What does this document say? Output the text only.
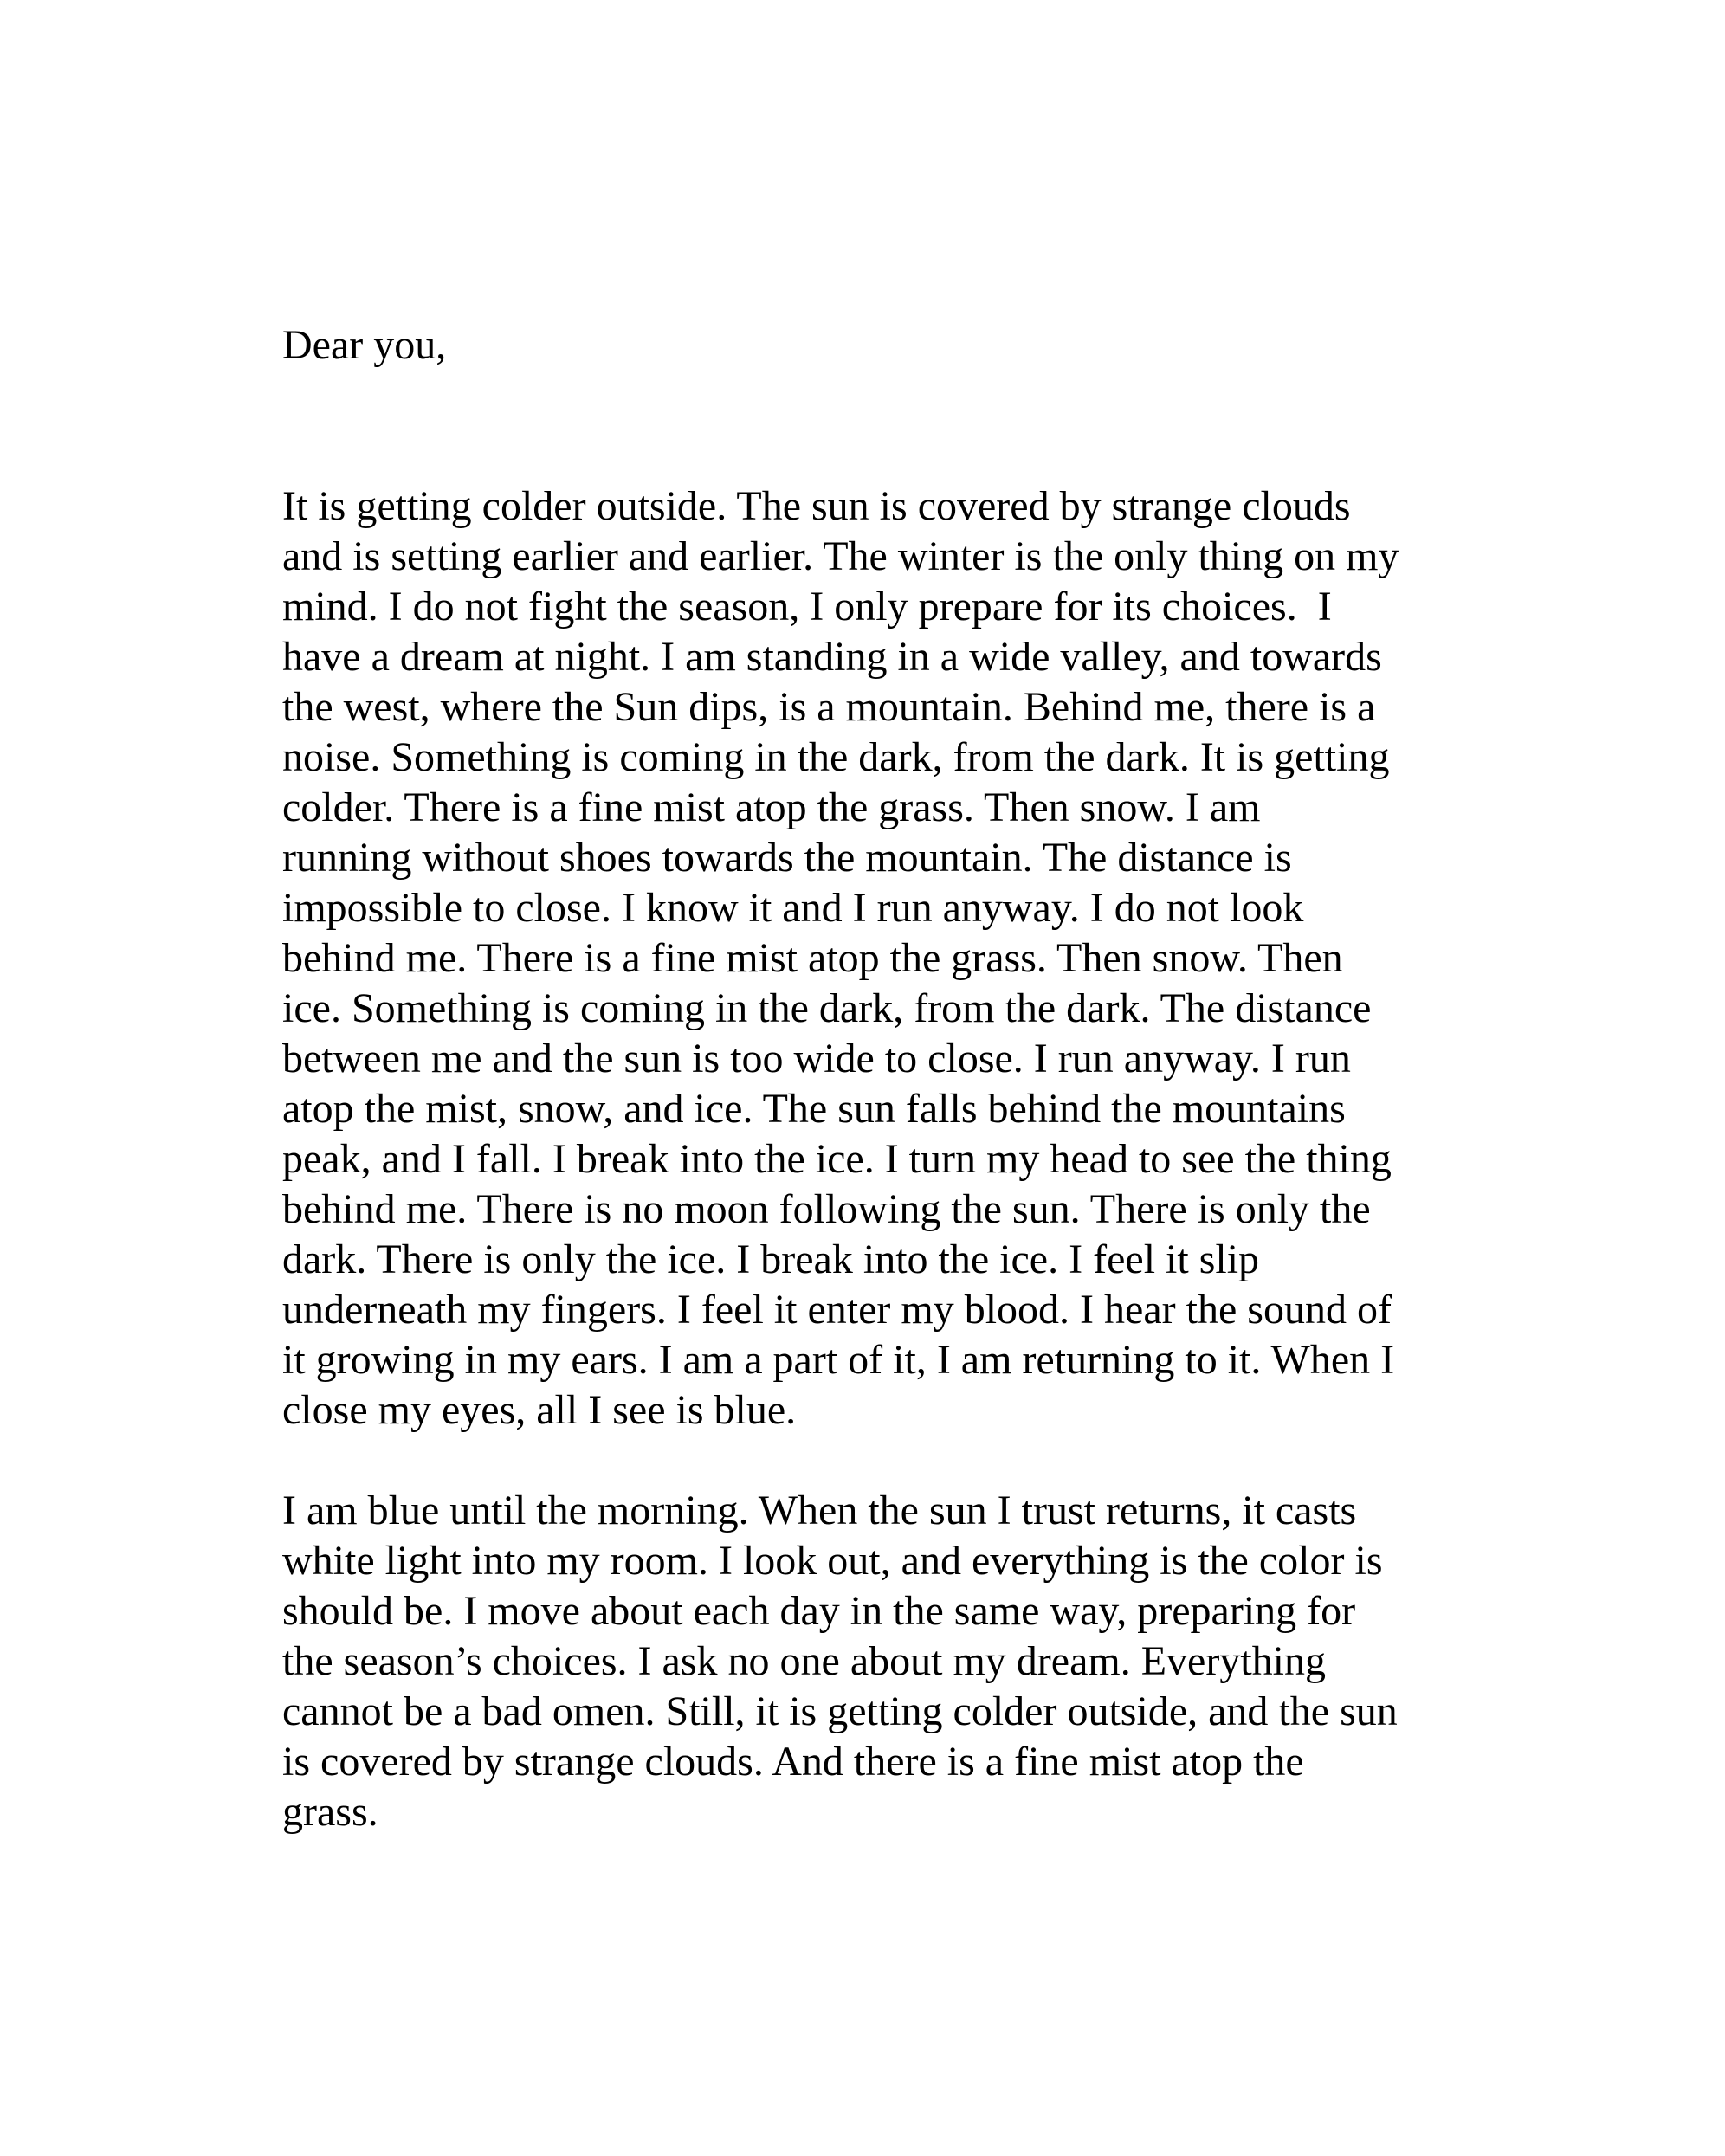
Dear you,

It is getting colder outside. The sun is covered by strange clouds
and is setting earlier and earlier. The winter is the only thing on my
mind. I do not fight the season, I only prepare for its choices.  I
have a dream at night. I am standing in a wide valley, and towards
the west, where the Sun dips, is a mountain. Behind me, there is a
noise. Something is coming in the dark, from the dark. It is getting
colder. There is a fine mist atop the grass. Then snow. I am
running without shoes towards the mountain. The distance is
impossible to close. I know it and I run anyway. I do not look
behind me. There is a fine mist atop the grass. Then snow. Then
ice. Something is coming in the dark, from the dark. The distance
between me and the sun is too wide to close. I run anyway. I run
atop the mist, snow, and ice. The sun falls behind the mountains
peak, and I fall. I break into the ice. I turn my head to see the thing
behind me. There is no moon following the sun. There is only the
dark. There is only the ice. I break into the ice. I feel it slip
underneath my fingers. I feel it enter my blood. I hear the sound of
it growing in my ears. I am a part of it, I am returning to it. When I
close my eyes, all I see is blue.
I am blue until the morning. When the sun I trust returns, it casts
white light into my room. I look out, and everything is the color is
should be. I move about each day in the same way, preparing for
the season’s choices. I ask no one about my dream. Everything
cannot be a bad omen. Still, it is getting colder outside, and the sun
is covered by strange clouds. And there is a fine mist atop the
grass.
